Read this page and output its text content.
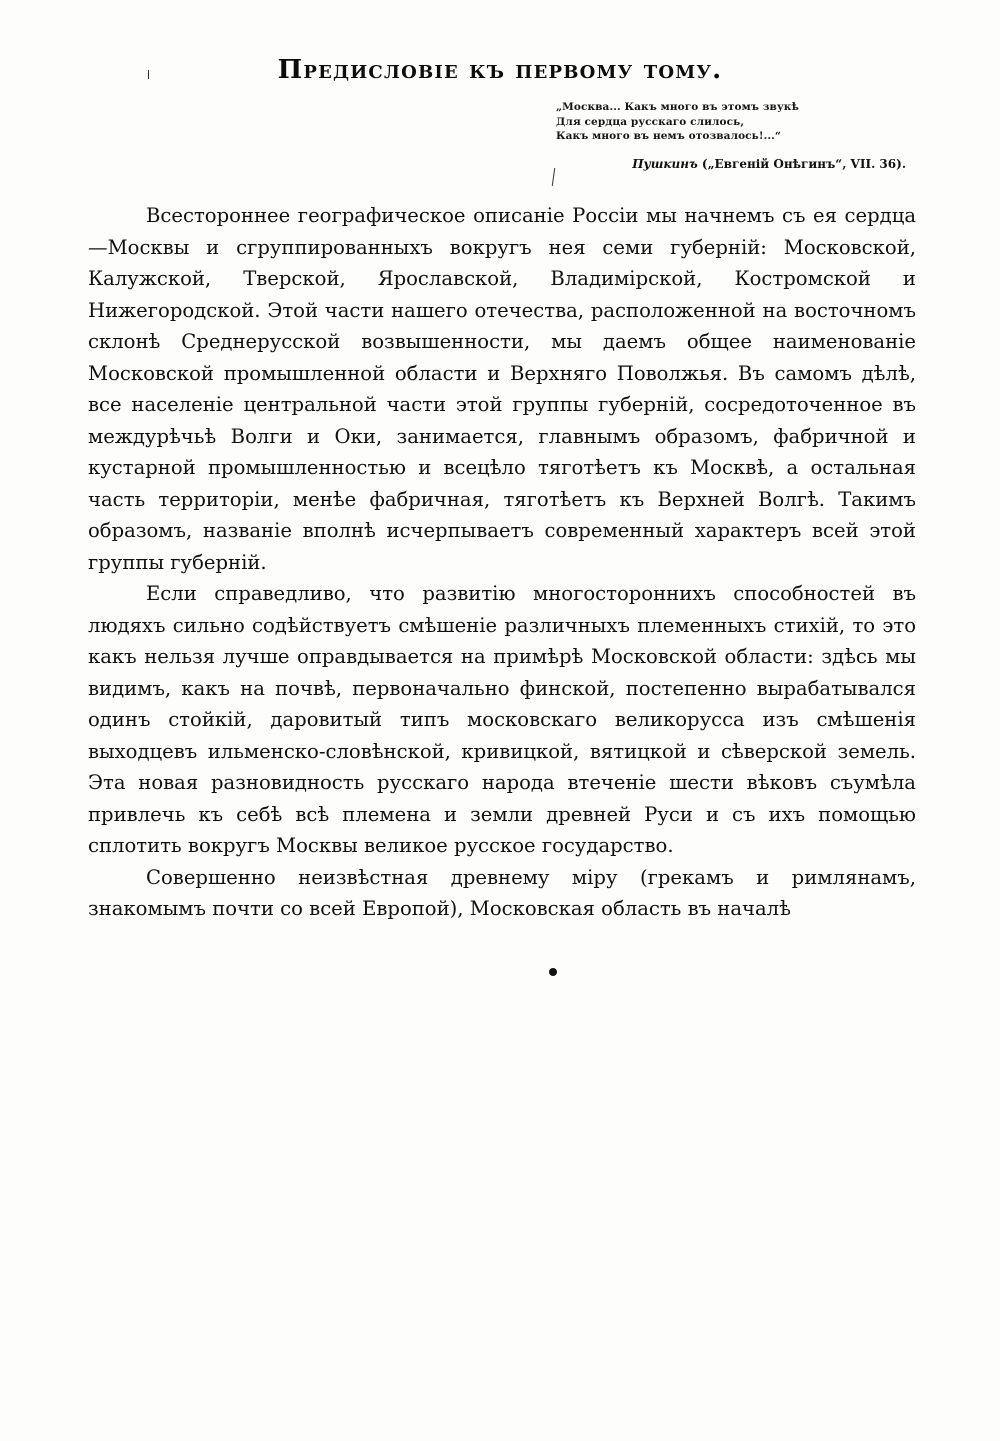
Предисловіе къ первому тому.
„Москва... Какъ много въ этомъ звукѣ
Для сердца русскаго слилось,
Какъ много въ немъ отозвалось!...“
Пушкинъ („Евгеній Онѣгинъ“, VII. 36).

Всестороннее географическое описаніе Россіи мы начнемъ съ ея сердца—Москвы и сгруппированныхъ вокругъ нея семи губерній: Московской, Калужской, Тверской, Ярославской, Владимірской, Костромской и Нижегородской. Этой части нашего отечества, расположенной на восточномъ склонѣ Среднерусской возвышенности, мы даемъ общее наименованіе Московской промышленной области и Верхняго Поволжья. Въ самомъ дѣлѣ, все населеніе центральной части этой группы губерній, сосредоточенное въ междурѣчьѣ Волги и Оки, занимается, главнымъ образомъ, фабричной и кустарной промышленностью и всецѣло тяготѣетъ къ Москвѣ, а остальная часть территоріи, менѣе фабричная, тяготѣетъ къ Верхней Волгѣ. Такимъ образомъ, названіе вполнѣ исчерпываетъ современный характеръ всей этой группы губерній.

Если справедливо, что развитію многостороннихъ способностей въ людяхъ сильно содѣйствуетъ смѣшеніе различныхъ племенныхъ стихій, то это какъ нельзя лучше оправдывается на примѣрѣ Московской области: здѣсь мы видимъ, какъ на почвѣ, первоначально финской, постепенно вырабатывался одинъ стойкій, даровитый типъ московскаго великорусса изъ смѣшенія выходцевъ ильменско-словѣнской, кривицкой, вятицкой и сѣверской земель. Эта новая разновидность русскаго народа втеченіе шести вѣковъ съумѣла привлечь къ себѣ всѣ племена и земли древней Руси и съ ихъ помощью сплотить вокругъ Москвы великое русское государство.

Совершенно неизвѣстная древнему міру (грекамъ и римлянамъ, знакомымъ почти со всей Европой), Московская область въ началѣ
